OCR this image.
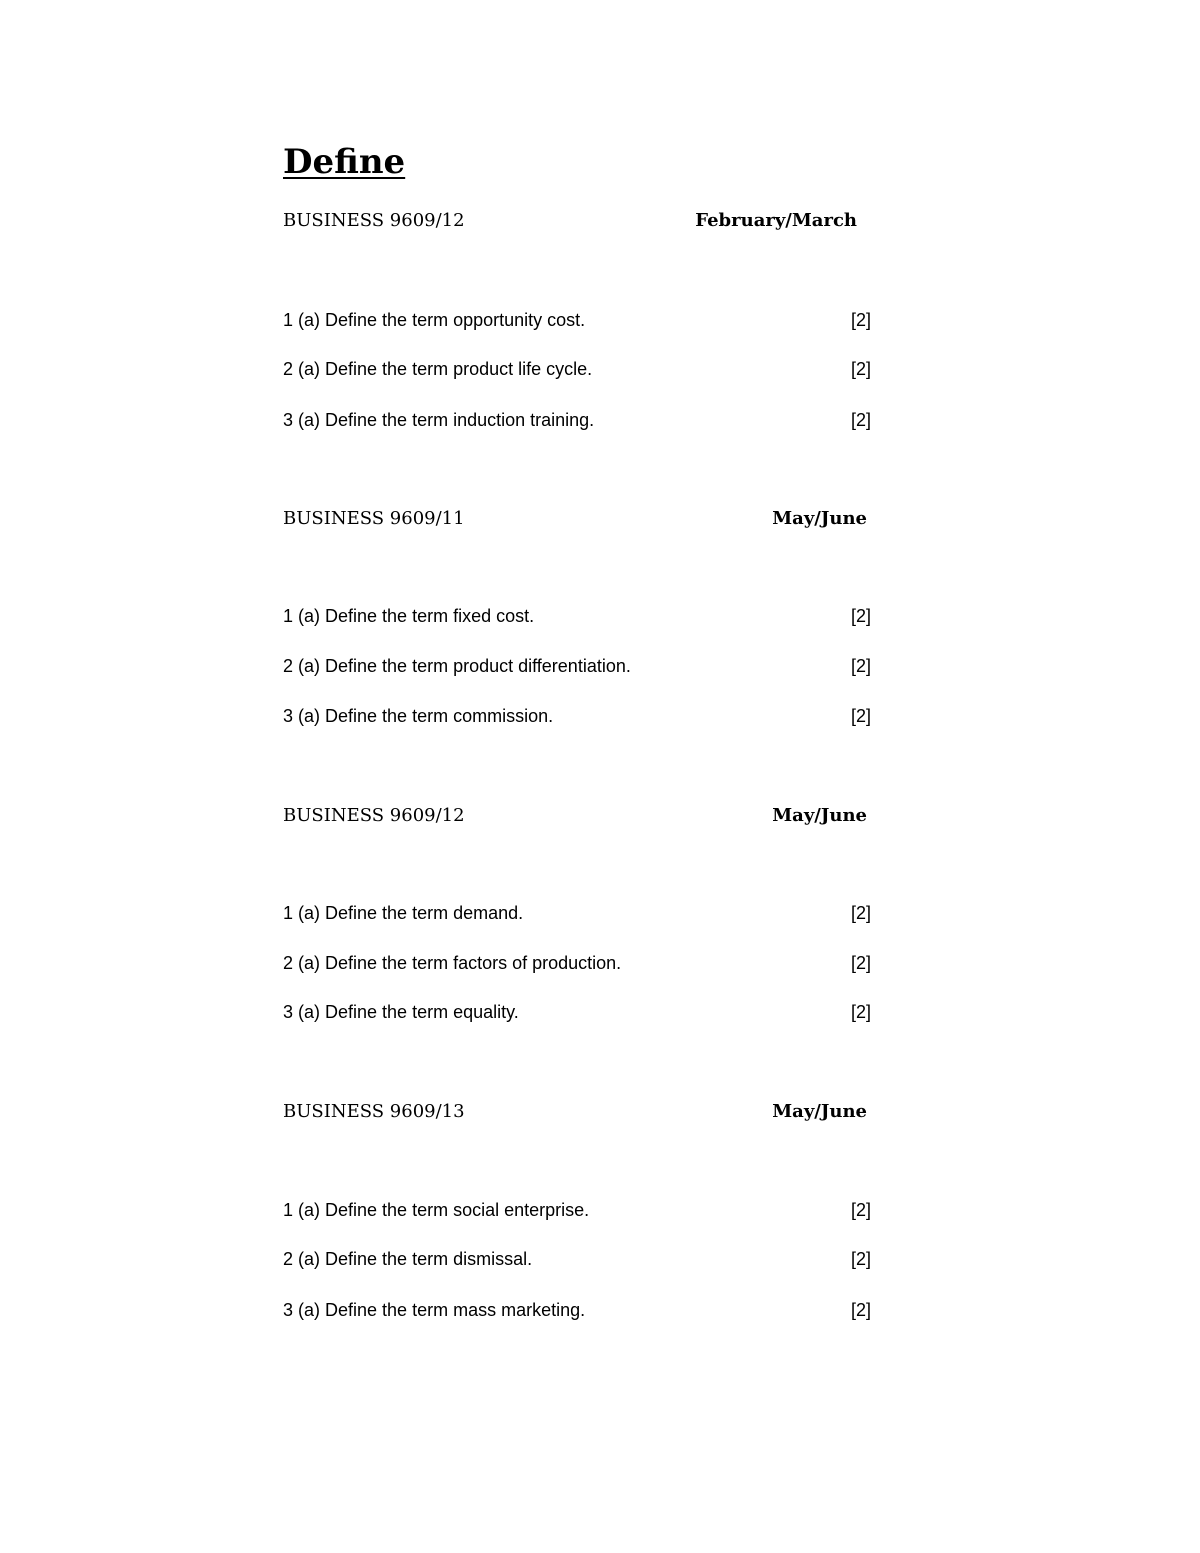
Define
BUSINESS 9609/12	February/March
1 (a) Define the term opportunity cost.	[2]
2 (a) Define the term product life cycle.	[2]
3 (a) Define the term induction training.	[2]
BUSINESS 9609/11	May/June
1 (a) Define the term fixed cost.	[2]
2 (a) Define the term product differentiation.	[2]
3 (a) Define the term commission.	[2]
BUSINESS 9609/12	May/June
1 (a) Define the term demand.	[2]
2 (a) Define the term factors of production.	[2]
3 (a) Define the term equality.	[2]
BUSINESS 9609/13	May/June
1 (a) Define the term social enterprise.	[2]
2 (a) Define the term dismissal.	[2]
3 (a) Define the term mass marketing.	[2]
